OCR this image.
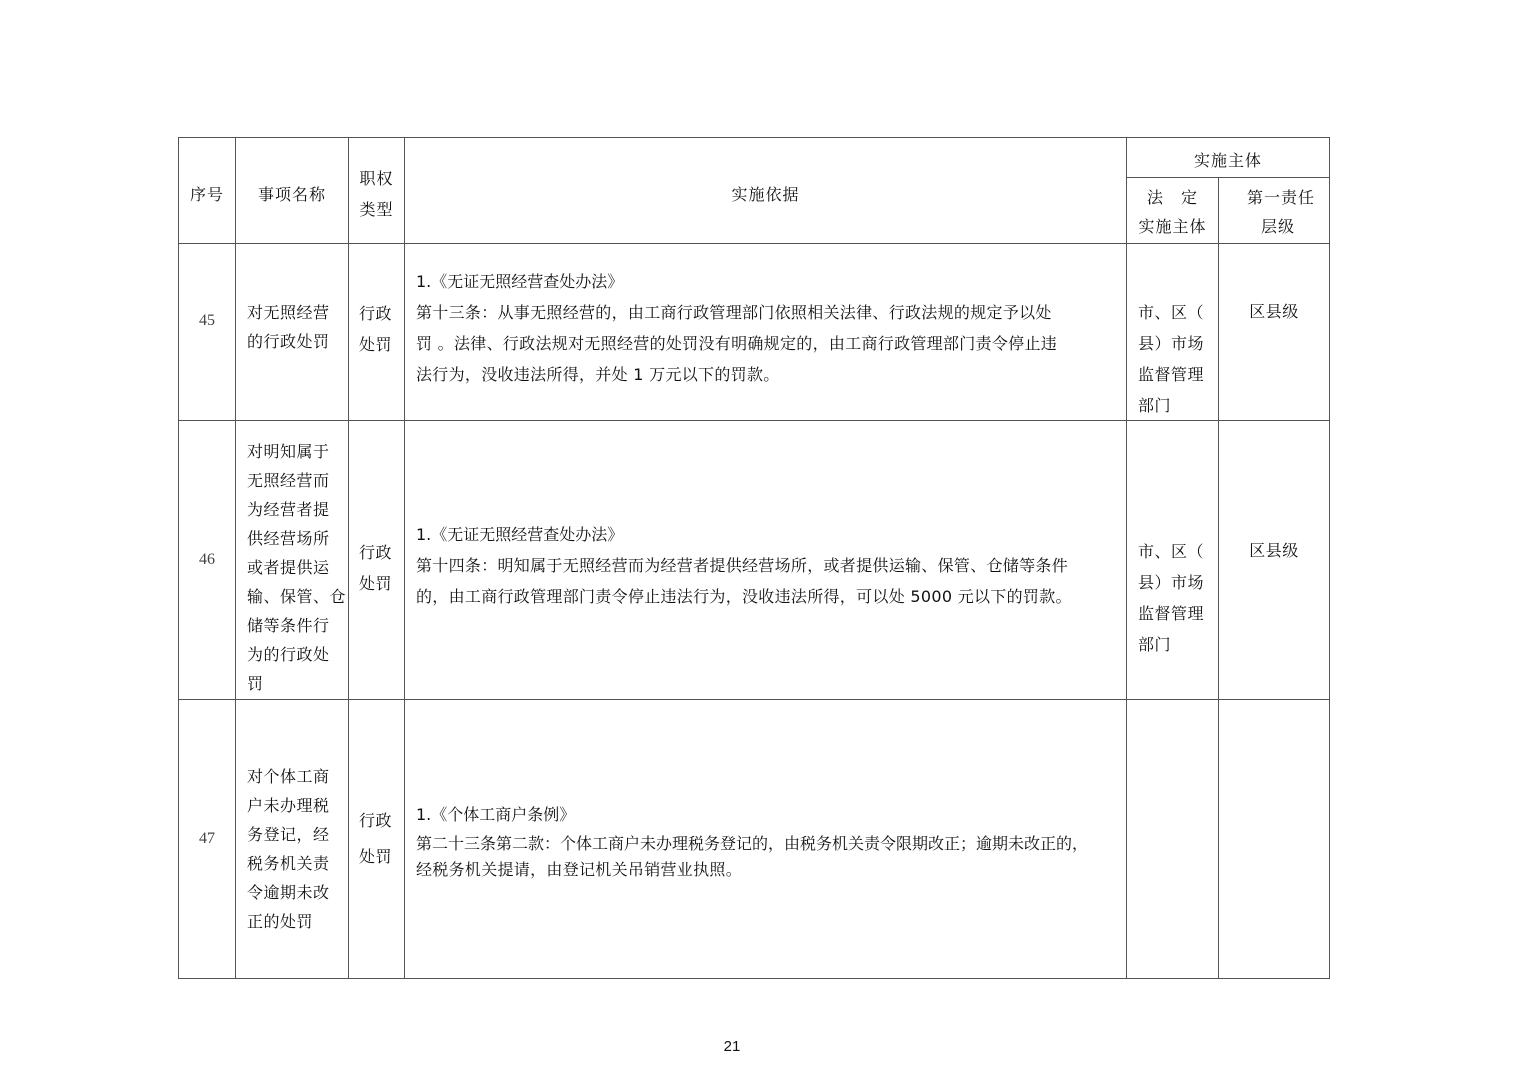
序号	事项名称
职权
类型
实施依据
实施主体
法　定
实施主体
第一责任
层级
45	对无照经营
的行政处罚
行政
处罚
1.《无证无照经营查处办法》
第十三条：从事无照经营的，由工商行政管理部门依照相关法律、行政法规的规定予以处
罚 。法律、行政法规对无照经营的处罚没有明确规定的，由工商行政管理部门责令停止违
法行为，没收违法所得，并处 1 万元以下的罚款。
市、区（
县）市场
监督管理
部门
区县级
46
对明知属于
无照经营而
为经营者提
供经营场所
或者提供运
输、保管、仓
储等条件行
为的行政处
罚
行政
处罚
1.《无证无照经营查处办法》
第十四条：明知属于无照经营而为经营者提供经营场所，或者提供运输、保管、仓储等条件
的，由工商行政管理部门责令停止违法行为，没收违法所得，可以处 5000 元以下的罚款。
市、区（
县）市场
监督管理
部门
区县级
47
对个体工商
户未办理税
务登记，经
税务机关责
令逾期未改
正的处罚
行政
处罚
1.《个体工商户条例》
第二十三条第二款：个体工商户未办理税务登记的，由税务机关责令限期改正；逾期未改正的，
经税务机关提请，由登记机关吊销营业执照。
21
